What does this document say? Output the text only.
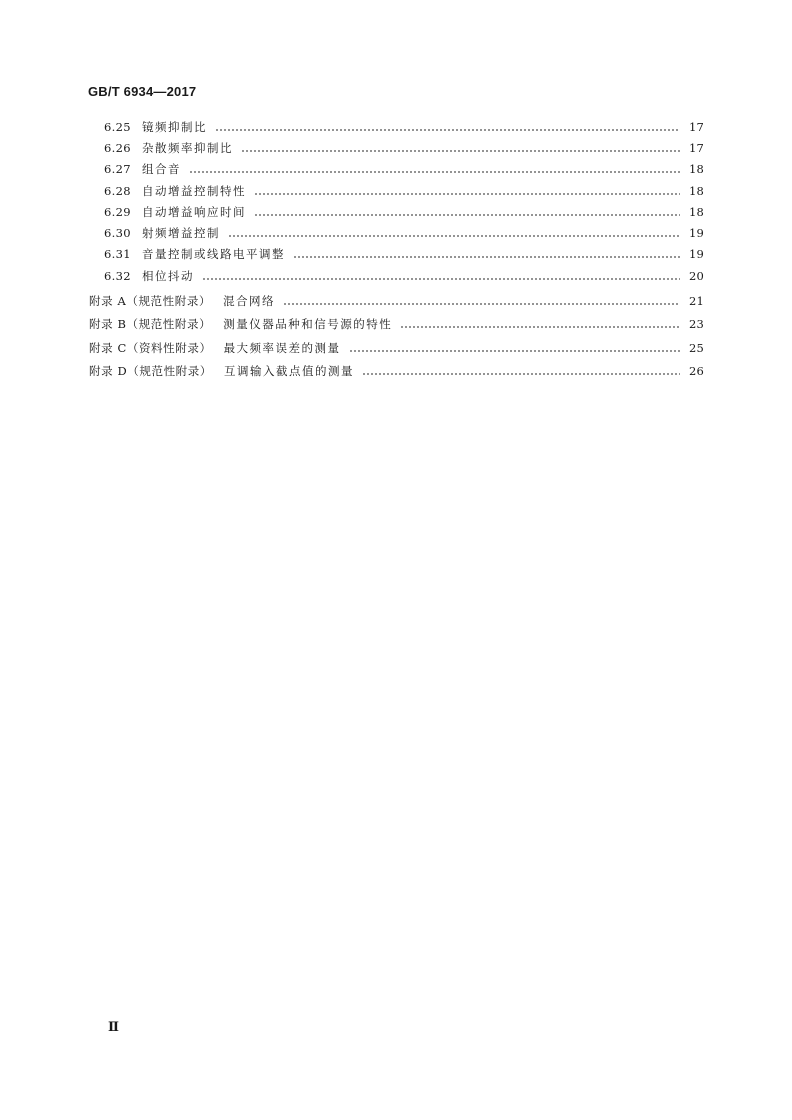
GB/T 6934—2017
6.25 镜频抑制比	17
6.26 杂散频率抑制比	17
6.27 组合音	18
6.28 自动增益控制特性	18
6.29 自动增益响应时间	18
6.30 射频增益控制	19
6.31 音量控制或线路电平调整	19
6.32 相位抖动	20
附录 A（规范性附录） 混合网络	21
附录 B（规范性附录） 测量仪器品种和信号源的特性	23
附录 C（资料性附录） 最大频率误差的测量	25
附录 D（规范性附录） 互调输入截点值的测量	26
Ⅱ
